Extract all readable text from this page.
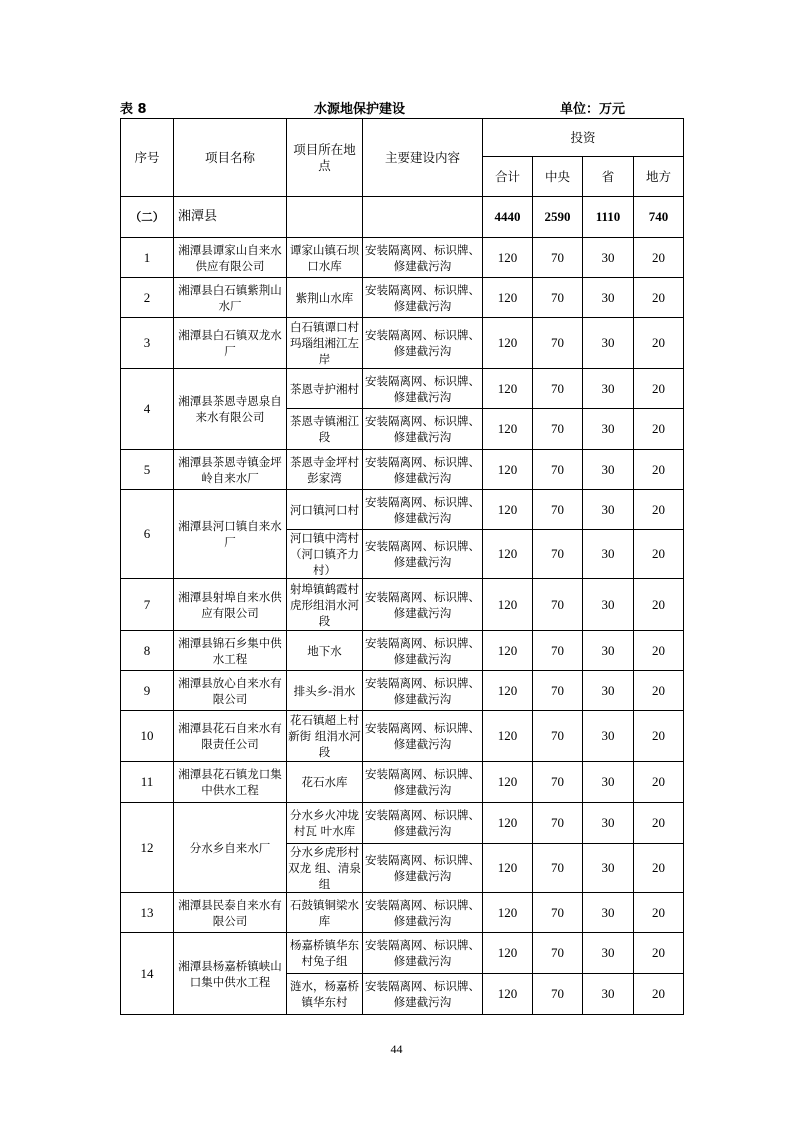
表 8	水源地保护建设	单位：万元
序号	项目名称	项目所在地点	主要建设内容	投资			
				合计	中央	省	地方
（二）	湘潭县			4440	2590	1110	740
1	湘潭县谭家山自来水供应有限公司	谭家山镇石坝口水库	安装隔离网、标识牌、修建截污沟	120	70	30	20
2	湘潭县白石镇紫荆山水厂	紫荆山水库	安装隔离网、标识牌、修建截污沟	120	70	30	20
3	湘潭县白石镇双龙水厂	白石镇谭口村玛瑙组湘江左岸	安装隔离网、标识牌、修建截污沟	120	70	30	20
4	湘潭县茶恩寺恩泉自来水有限公司	茶恩寺护湘村	安装隔离网、标识牌、修建截污沟	120	70	30	20
		茶恩寺镇湘江段	安装隔离网、标识牌、修建截污沟	120	70	30	20
5	湘潭县茶恩寺镇金坪岭自来水厂	茶恩寺金坪村彭家湾	安装隔离网、标识牌、修建截污沟	120	70	30	20
6	湘潭县河口镇自来水厂	河口镇河口村	安装隔离网、标识牌、修建截污沟	120	70	30	20
		河口镇中湾村（河口镇齐力村）	安装隔离网、标识牌、修建截污沟	120	70	30	20
7	湘潭县射埠自来水供应有限公司	射埠镇鹤霞村虎形组涓水河段	安装隔离网、标识牌、修建截污沟	120	70	30	20
8	湘潭县锦石乡集中供水工程	地下水	安装隔离网、标识牌、修建截污沟	120	70	30	20
9	湘潭县放心自来水有限公司	排头乡-涓水	安装隔离网、标识牌、修建截污沟	120	70	30	20
10	湘潭县花石自来水有限责任公司	花石镇超上村新街 组涓水河段	安装隔离网、标识牌、修建截污沟	120	70	30	20
11	湘潭县花石镇龙口集中供水工程	花石水库	安装隔离网、标识牌、修建截污沟	120	70	30	20
12	分水乡自来水厂	分水乡火冲垅村瓦 叶水库	安装隔离网、标识牌、修建截污沟	120	70	30	20
		分水乡虎形村双龙 组、清泉组	安装隔离网、标识牌、修建截污沟	120	70	30	20
13	湘潭县民泰自来水有限公司	石鼓镇铜梁水库	安装隔离网、标识牌、修建截污沟	120	70	30	20
14	湘潭县杨嘉桥镇峡山口集中供水工程	杨嘉桥镇华东村兔子组	安装隔离网、标识牌、修建截污沟	120	70	30	20
		涟水，杨嘉桥镇华东村	安装隔离网、标识牌、修建截污沟	120	70	30	20
44
